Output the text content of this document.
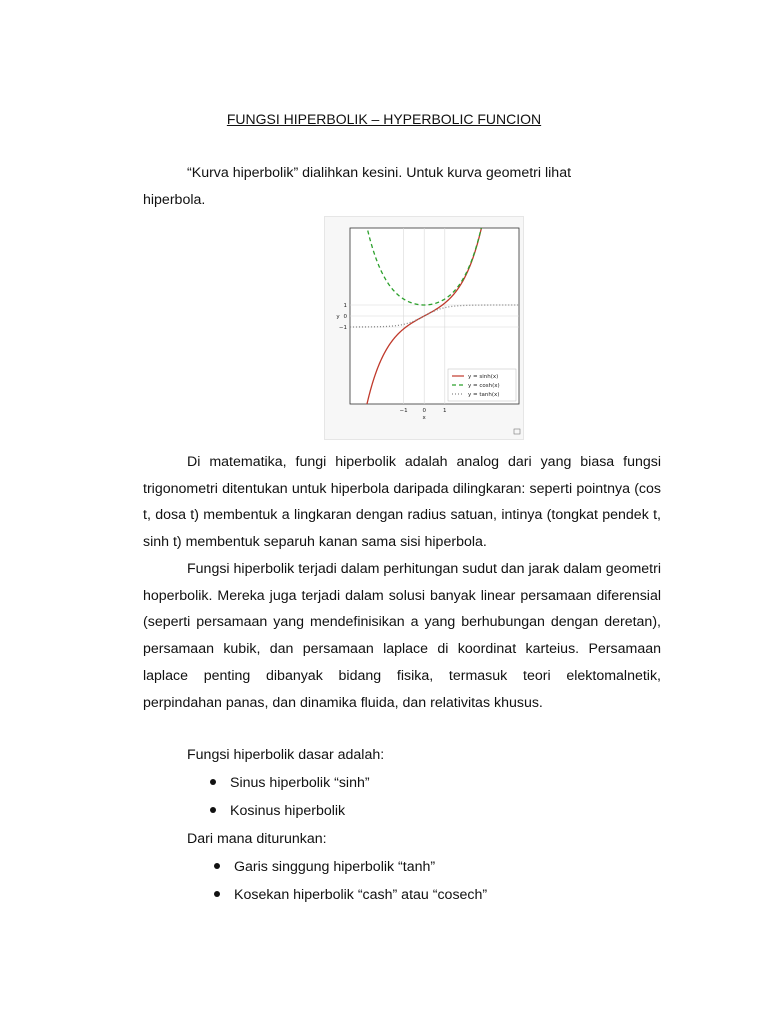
FUNGSI HIPERBOLIK – HYPERBOLIC FUNCION

“Kurva hiperbolik” dialihkan kesini. Untuk kurva geometri lihat
hiperbola.

−1	0	1
1
0
−1
x
y
y = sinh(x)
y = cosh(x)
y = tanh(x)

Di matematika, fungi hiperbolik adalah analog dari yang biasa fungsi trigonometri ditentukan untuk hiperbola daripada dilingkaran: seperti pointnya (cos t, dosa t) membentuk a lingkaran dengan radius satuan, intinya (tongkat pendek t, sinh t) membentuk separuh kanan sama sisi hiperbola.

Fungsi hiperbolik terjadi dalam perhitungan sudut dan jarak dalam geometri hoperbolik. Mereka juga terjadi dalam solusi banyak linear persamaan diferensial (seperti persamaan yang mendefinisikan a yang berhubungan dengan deretan), persamaan kubik, dan persamaan laplace di koordinat karteius. Persamaan laplace penting dibanyak bidang fisika, termasuk teori elektomalnetik, perpindahan panas, dan dinamika fluida, dan relativitas khusus.

Fungsi hiperbolik dasar adalah:
Sinus hiperbolik “sinh”
Kosinus hiperbolik
Dari mana diturunkan:
Garis singgung hiperbolik “tanh”
Kosekan hiperbolik “cash” atau “cosech”
